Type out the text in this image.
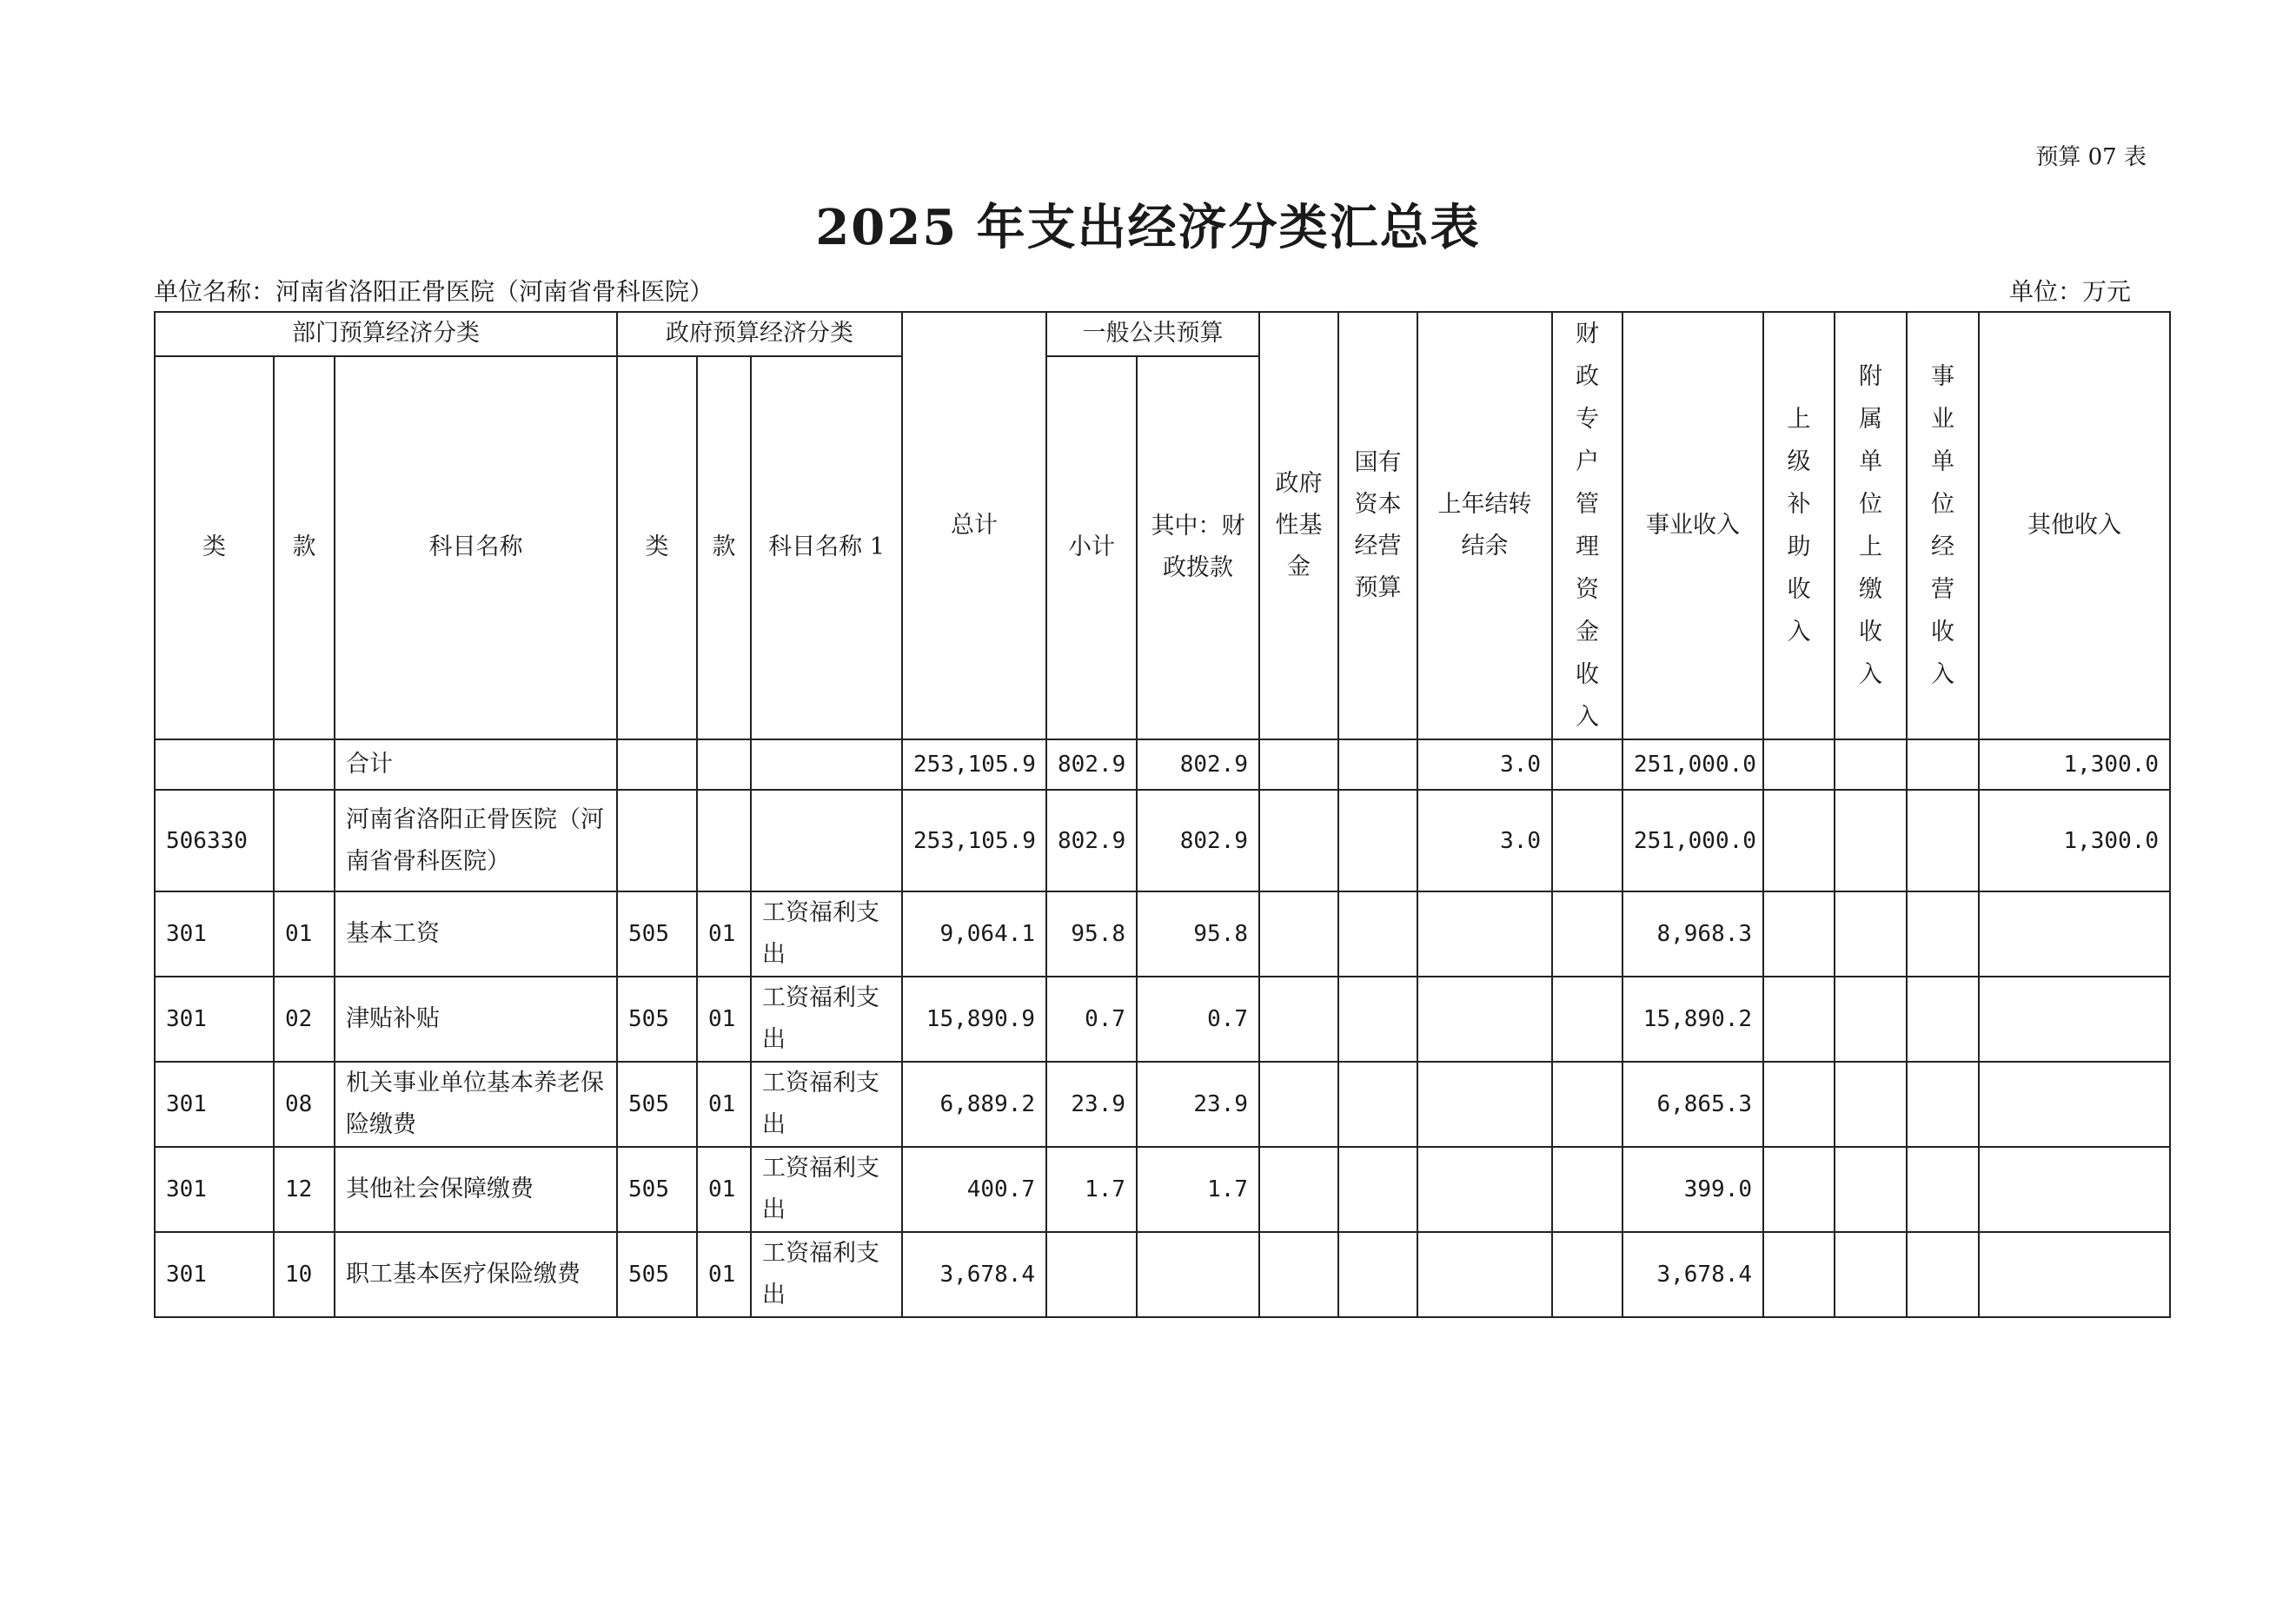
预算 07 表
2025 年支出经济分类汇总表
单位名称：河南省洛阳正骨医院（河南省骨科医院）	单位：万元
部门预算经济分类			政府预算经济分类			总计	一般公共预算		政府性基金	国有资本经营预算	上年结转结余	财政专户管理资金收入	事业收入	上级补助收入	附属单位上缴收入	事业单位经营收入	其他收入
类	款	科目名称	类	款	科目名称 1		小计	其中：财政拨款									

		合计				253,105.9	802.9	802.9			3.0		251,000.0				1,300.0
506330		河南省洛阳正骨医院（河南省骨科医院）				253,105.9	802.9	802.9			3.0		251,000.0				1,300.0
301	01	基本工资	505	01	工资福利支出	9,064.1	95.8	95.8					8,968.3				
301	02	津贴补贴	505	01	工资福利支出	15,890.9	0.7	0.7					15,890.2				
301	08	机关事业单位基本养老保险缴费	505	01	工资福利支出	6,889.2	23.9	23.9					6,865.3				
301	12	其他社会保障缴费	505	01	工资福利支出	400.7	1.7	1.7					399.0				
301	10	职工基本医疗保险缴费	505	01	工资福利支出	3,678.4							3,678.4				
